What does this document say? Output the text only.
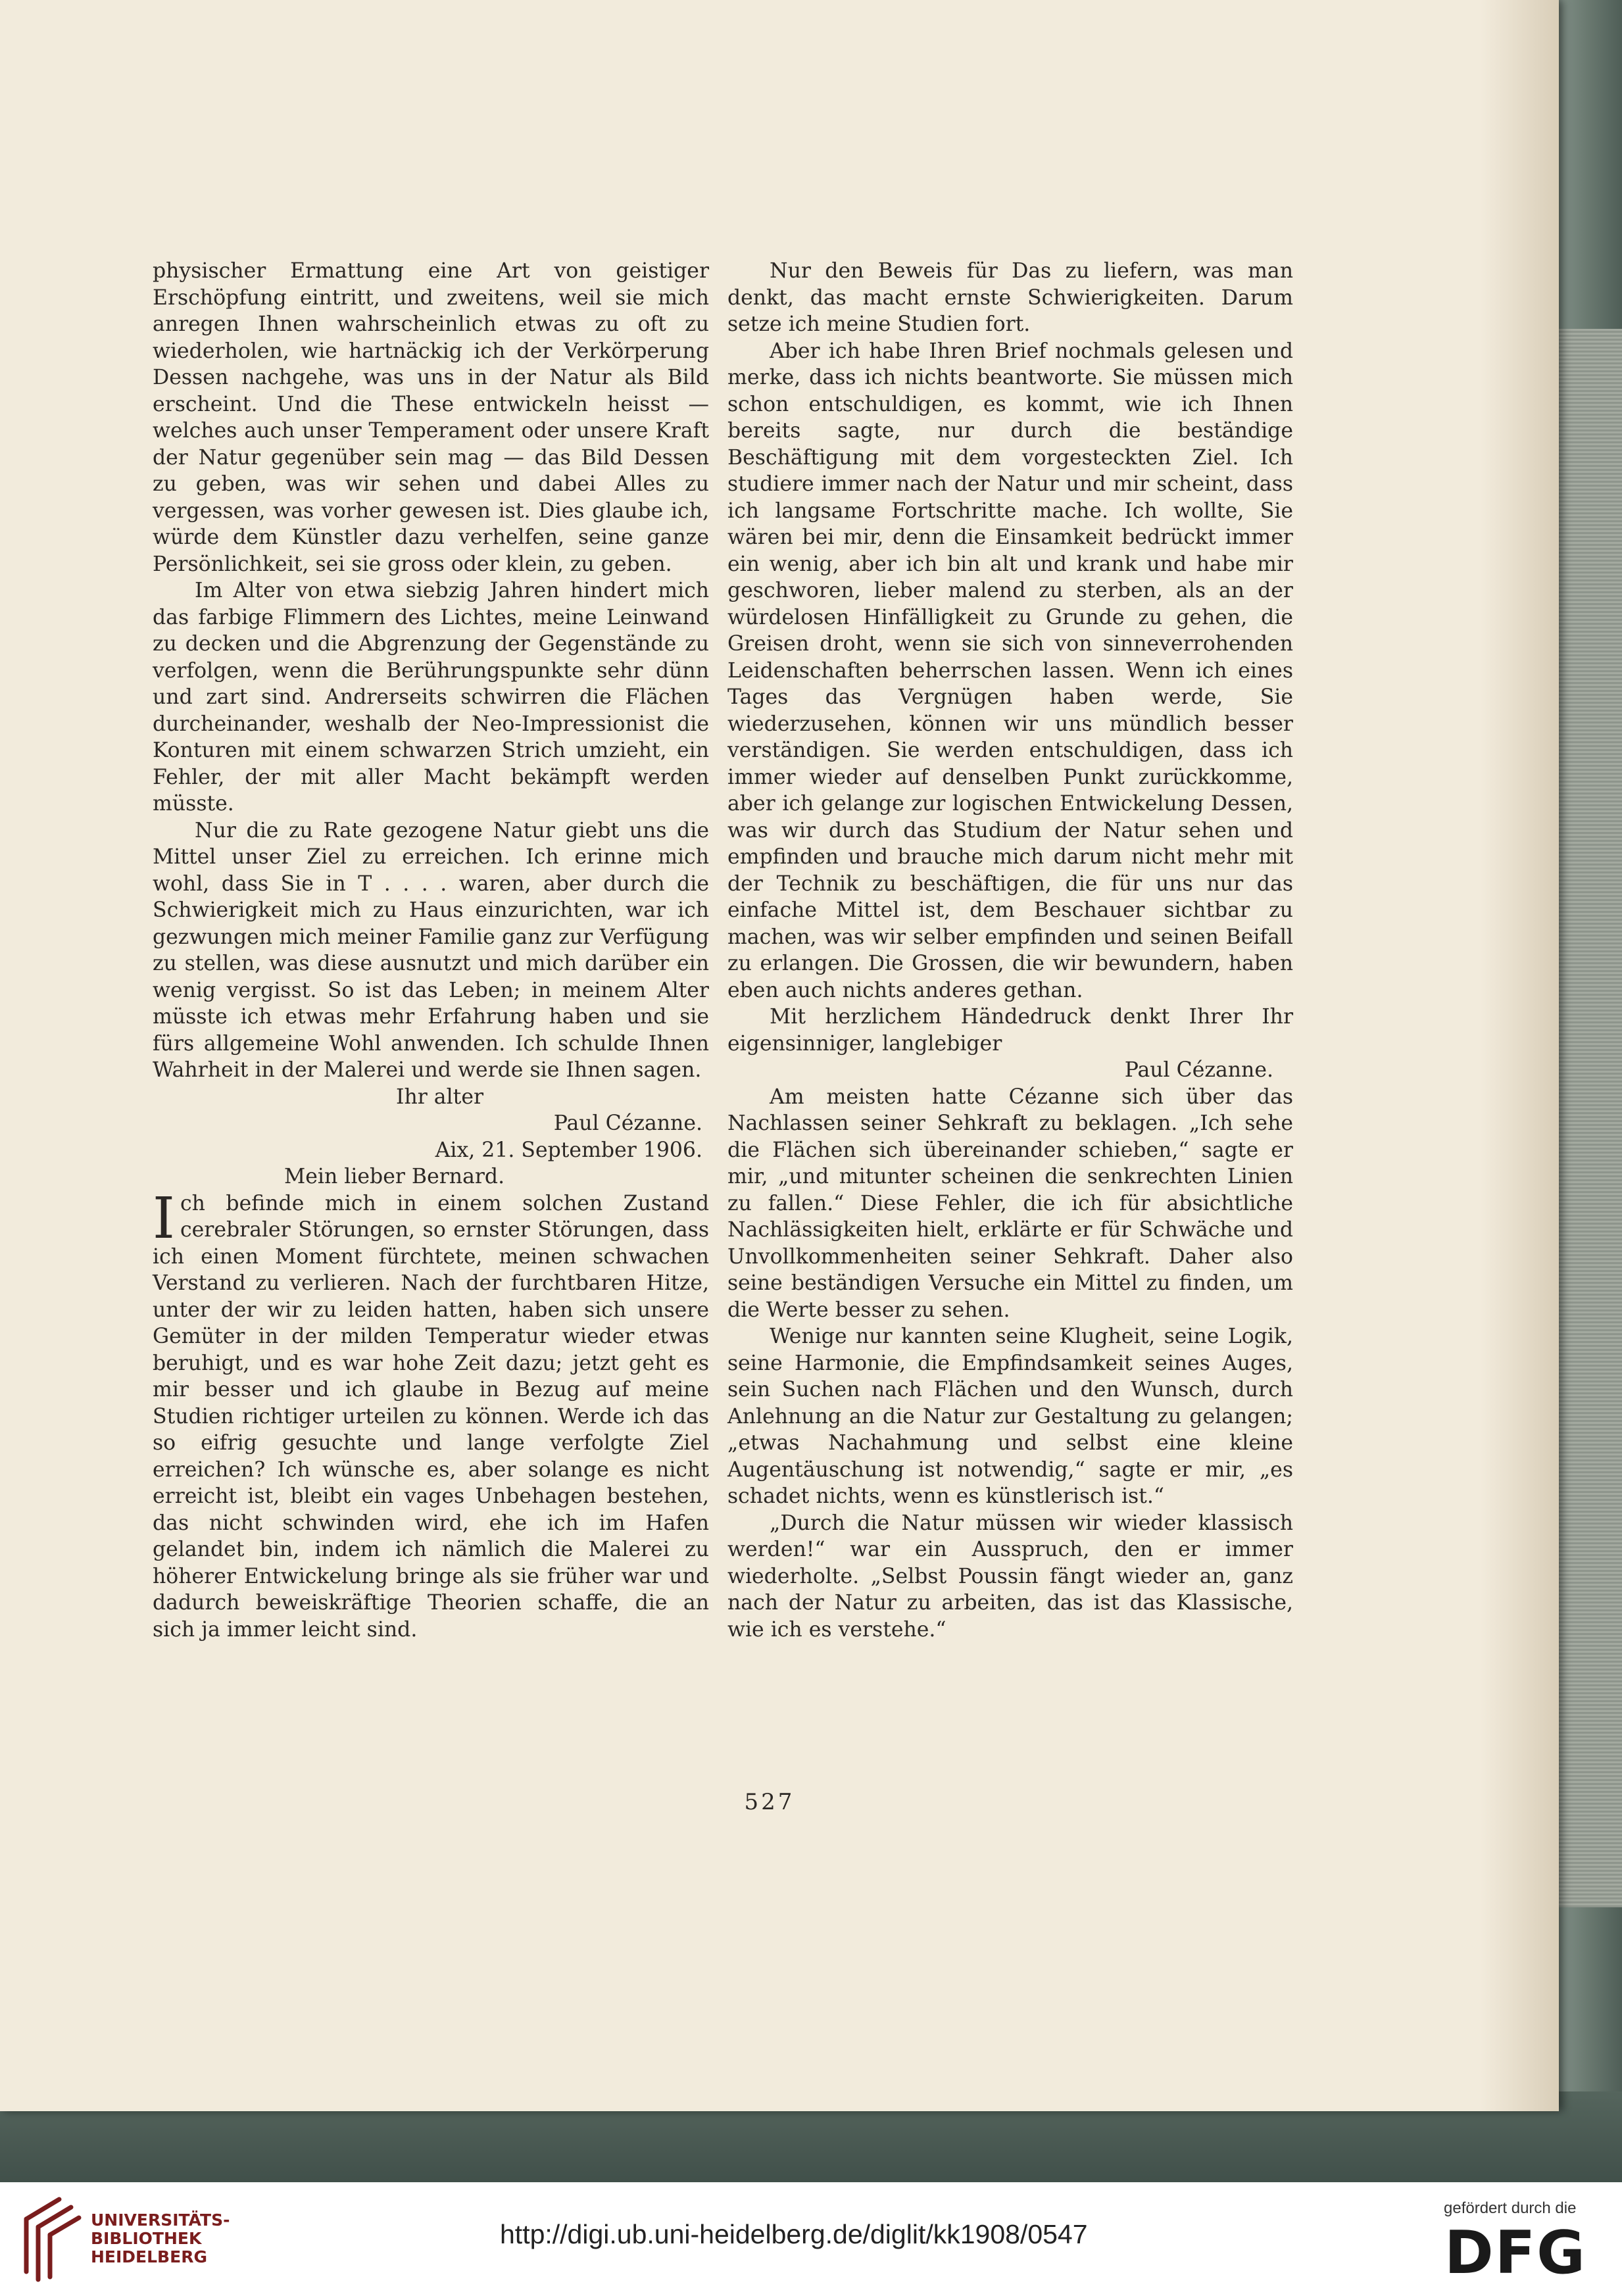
physischer Ermattung eine Art von geistiger Erschöpfung eintritt, und zweitens, weil sie mich anregen Ihnen wahrscheinlich etwas zu oft zu wiederholen, wie hartnäckig ich der Verkörperung Dessen nachgehe, was uns in der Natur als Bild erscheint. Und die These entwickeln heisst — welches auch unser Temperament oder unsere Kraft der Natur gegenüber sein mag — das Bild Dessen zu geben, was wir sehen und dabei Alles zu vergessen, was vorher gewesen ist. Dies glaube ich, würde dem Künstler dazu verhelfen, seine ganze Persönlichkeit, sei sie gross oder klein, zu geben.

Im Alter von etwa siebzig Jahren hindert mich das farbige Flimmern des Lichtes, meine Leinwand zu decken und die Abgrenzung der Gegenstände zu verfolgen, wenn die Berührungspunkte sehr dünn und zart sind. Andrerseits schwirren die Flächen durcheinander, weshalb der Neo-Impressionist die Konturen mit einem schwarzen Strich umzieht, ein Fehler, der mit aller Macht bekämpft werden müsste.

Nur die zu Rate gezogene Natur giebt uns die Mittel unser Ziel zu erreichen. Ich erinne mich wohl, dass Sie in T . . . . waren, aber durch die Schwierigkeit mich zu Haus einzurichten, war ich gezwungen mich meiner Familie ganz zur Verfügung zu stellen, was diese ausnutzt und mich darüber ein wenig vergisst. So ist das Leben; in meinem Alter müsste ich etwas mehr Erfahrung haben und sie fürs allgemeine Wohl anwenden. Ich schulde Ihnen Wahrheit in der Malerei und werde sie Ihnen sagen.

Ihr alter

Paul Cézanne.

Aix, 21. September 1906.

Mein lieber Bernard.

Ich befinde mich in einem solchen Zustand cerebraler Störungen, so ernster Störungen, dass ich einen Moment fürchtete, meinen schwachen Verstand zu verlieren. Nach der furchtbaren Hitze, unter der wir zu leiden hatten, haben sich unsere Gemüter in der milden Temperatur wieder etwas beruhigt, und es war hohe Zeit dazu; jetzt geht es mir besser und ich glaube in Bezug auf meine Studien richtiger urteilen zu können. Werde ich das so eifrig gesuchte und lange verfolgte Ziel erreichen? Ich wünsche es, aber solange es nicht erreicht ist, bleibt ein vages Unbehagen bestehen, das nicht schwinden wird, ehe ich im Hafen gelandet bin, indem ich nämlich die Malerei zu höherer Entwickelung bringe als sie früher war und dadurch beweiskräftige Theorien schaffe, die an sich ja immer leicht sind.

Nur den Beweis für Das zu liefern, was man denkt, das macht ernste Schwierigkeiten. Darum setze ich meine Studien fort.

Aber ich habe Ihren Brief nochmals gelesen und merke, dass ich nichts beantworte. Sie müssen mich schon entschuldigen, es kommt, wie ich Ihnen bereits sagte, nur durch die beständige Beschäftigung mit dem vorgesteckten Ziel. Ich studiere immer nach der Natur und mir scheint, dass ich langsame Fortschritte mache. Ich wollte, Sie wären bei mir, denn die Einsamkeit bedrückt immer ein wenig, aber ich bin alt und krank und habe mir geschworen, lieber malend zu sterben, als an der würdelosen Hinfälligkeit zu Grunde zu gehen, die Greisen droht, wenn sie sich von sinneverrohenden Leidenschaften beherrschen lassen. Wenn ich eines Tages das Vergnügen haben werde, Sie wiederzusehen, können wir uns mündlich besser verständigen. Sie werden entschuldigen, dass ich immer wieder auf denselben Punkt zurückkomme, aber ich gelange zur logischen Entwickelung Dessen, was wir durch das Studium der Natur sehen und empfinden und brauche mich darum nicht mehr mit der Technik zu beschäftigen, die für uns nur das einfache Mittel ist, dem Beschauer sichtbar zu machen, was wir selber empfinden und seinen Beifall zu erlangen. Die Grossen, die wir bewundern, haben eben auch nichts anderes gethan.

Mit herzlichem Händedruck denkt Ihrer Ihr eigensinniger, langlebiger

Paul Cézanne.

Am meisten hatte Cézanne sich über das Nachlassen seiner Sehkraft zu beklagen. „Ich sehe die Flächen sich übereinander schieben,“ sagte er mir, „und mitunter scheinen die senkrechten Linien zu fallen.“ Diese Fehler, die ich für absichtliche Nachlässigkeiten hielt, erklärte er für Schwäche und Unvollkommenheiten seiner Sehkraft. Daher also seine beständigen Versuche ein Mittel zu finden, um die Werte besser zu sehen.

Wenige nur kannten seine Klugheit, seine Logik, seine Harmonie, die Empfindsamkeit seines Auges, sein Suchen nach Flächen und den Wunsch, durch Anlehnung an die Natur zur Gestaltung zu gelangen; „etwas Nachahmung und selbst eine kleine Augentäuschung ist notwendig,“ sagte er mir, „es schadet nichts, wenn es künstlerisch ist.“

„Durch die Natur müssen wir wieder klassisch werden!“ war ein Ausspruch, den er immer wiederholte. „Selbst Poussin fängt wieder an, ganz nach der Natur zu arbeiten, das ist das Klassische, wie ich es verstehe.“

527
UNIVERSITÄTS-
BIBLIOTHEK
HEIDELBERG
http://digi.ub.uni-heidelberg.de/diglit/kk1908/0547
gefördert durch die
DFG
